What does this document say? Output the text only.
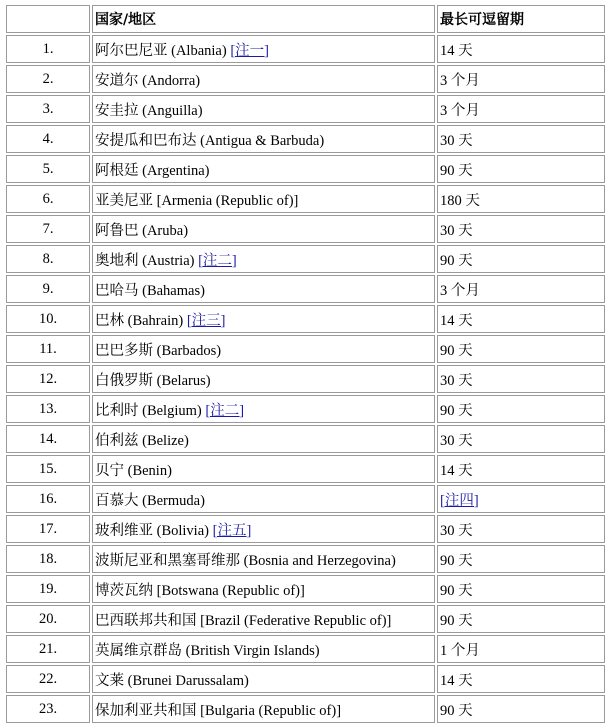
	国家/地区	最长可逗留期
1.	阿尔巴尼亚 (Albania) [注一]	14 天
2.	安道尔 (Andorra)	3 个月
3.	安圭拉 (Anguilla)	3 个月
4.	安提瓜和巴布达 (Antigua & Barbuda)	30 天
5.	阿根廷 (Argentina)	90 天
6.	亚美尼亚 [Armenia (Republic of)]	180 天
7.	阿鲁巴 (Aruba)	30 天
8.	奥地利 (Austria) [注二]	90 天
9.	巴哈马 (Bahamas)	3 个月
10.	巴林 (Bahrain) [注三]	14 天
11.	巴巴多斯 (Barbados)	90 天
12.	白俄罗斯 (Belarus)	30 天
13.	比利时 (Belgium) [注二]	90 天
14.	伯利兹 (Belize)	30 天
15.	贝宁 (Benin)	14 天
16.	百慕大 (Bermuda)	[注四]
17.	玻利维亚 (Bolivia) [注五]	30 天
18.	波斯尼亚和黑塞哥维那 (Bosnia and Herzegovina)	90 天
19.	博茨瓦纳 [Botswana (Republic of)]	90 天
20.	巴西联邦共和国 [Brazil (Federative Republic of)]	90 天
21.	英属维京群岛 (British Virgin Islands)	1 个月
22.	文莱 (Brunei Darussalam)	14 天
23.	保加利亚共和国 [Bulgaria (Republic of)]	90 天
